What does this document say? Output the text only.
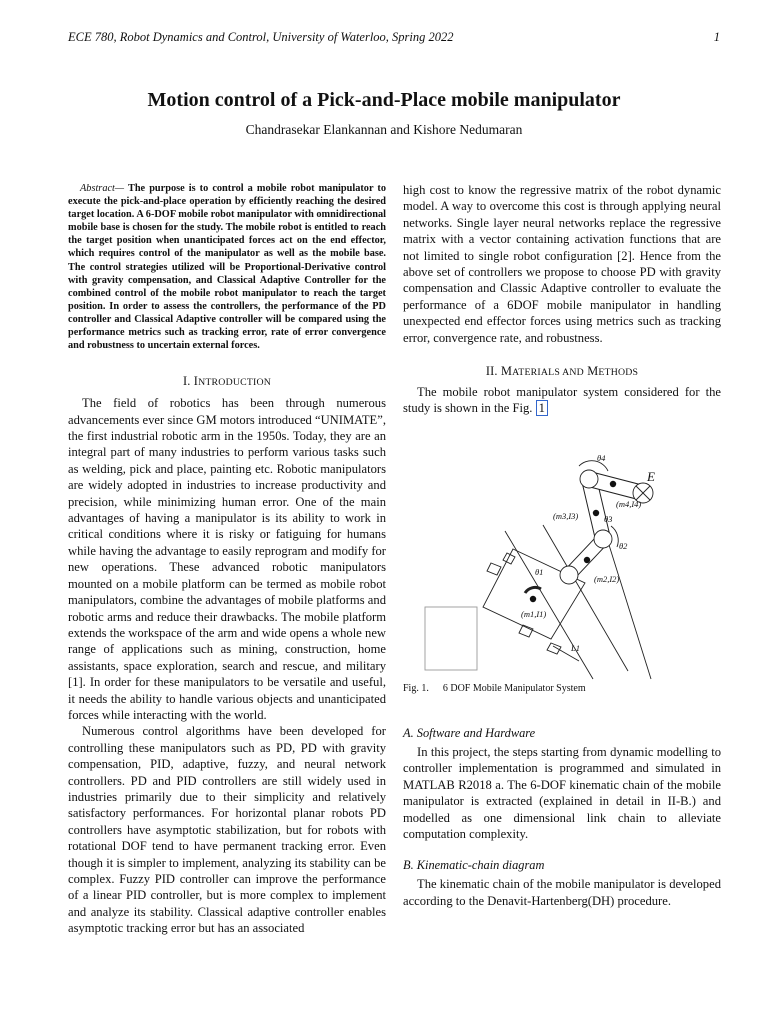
ECE 780, Robot Dynamics and Control, University of Waterloo, Spring 2022	1
Motion control of a Pick-and-Place mobile manipulator
Chandrasekar Elankannan and Kishore Nedumaran

Abstract— The purpose is to control a mobile robot manipulator to execute the pick-and-place operation by efficiently reaching the desired target location. A 6-DOF mobile robot manipulator with omnidirectional mobile base is chosen for the study. The mobile robot is entitled to reach the target position when unanticipated forces act on the end effector, which requires control of the manipulator as well as the mobile base. The control strategies utilized will be Proportional-Derivative control with gravity compensation, and Classical Adaptive Controller for the combined control of the mobile robot manipulator to reach the target position. In order to assess the controllers, the performance of the PD controller and Classical Adaptive controller will be compared using the performance metrics such as tracking error, rate of error convergence and robustness to uncertain external forces.

I. INTRODUCTION

The field of robotics has been through numerous advancements ever since GM motors introduced “UNIMATE”, the first industrial robotic arm in the 1950s. Today, they are an integral part of many industries to perform various tasks such as welding, pick and place, painting etc. Robotic manipulators are widely adopted in industries to increase productivity and precision, while minimizing human error. One of the main advantages of having a manipulator is its ability to work in critical conditions where it is risky or fatiguing for humans while having the advantage to easily reprogram and modify for new operations. These advanced robotic manipulators mounted on a mobile platform can be termed as mobile robot manipulators, combine the advantages of mobile platforms and robotic arms and reduce their drawbacks. The mobile platform extends the workspace of the arm and wide opens a whole new range of applications such as mining, construction, home assistants, space exploration, search and rescue, and military [1]. In order for these manipulators to be versatile and useful, it needs the ability to handle various objects and unanticipated forces while interacting with the world.

Numerous control algorithms have been developed for controlling these manipulators such as PD, PD with gravity compensation, PID, adaptive, fuzzy, and neural network controllers. PD and PID controllers are still widely used in industries primarily due to their simplicity and relatively satisfactory performances. For horizontal planar robots PD controllers have asymptotic stabilization, but for robots with rotational DOF tend to have permanent tracking error. Even though it is simpler to implement, analyzing its stability can be complex. Fuzzy PID controller can improve the performance of a linear PID controller, but is more complex to implement and analyze its stability. Classical adaptive controller enables asymptotic tracking error but has an associated

high cost to know the regressive matrix of the robot dynamic model. A way to overcome this cost is through applying neural networks. Single layer neural networks replace the regressive matrix with a vector containing activation functions that are not limited to single robot configuration [2]. Hence from the above set of controllers we propose to choose PD with gravity compensation and Classic Adaptive controller to evaluate the performance of a 6DOF mobile manipulator in handling unexpected end effector forces using metrics such as tracking error, convergence rate, and robustness.

II. MATERIALS AND METHODS

The mobile robot manipulator system considered for the study is shown in the Fig. 1

θ4
E
(m4,I4)
(m3,I3)	θ3
θ2
(m2,I2)
θ1
(m1,I1)
L1

Fig. 1. 6 DOF Mobile Manipulator System

A. Software and Hardware

In this project, the steps starting from dynamic modelling to controller implementation is programmed and simulated in MATLAB R2018 a. The 6-DOF kinematic chain of the mobile manipulator is extracted (explained in detail in II-B.) and modelled as one dimensional link chain to alleviate computation complexity.

B. Kinematic-chain diagram

The kinematic chain of the mobile manipulator is developed according to the Denavit-Hartenberg(DH) procedure.
